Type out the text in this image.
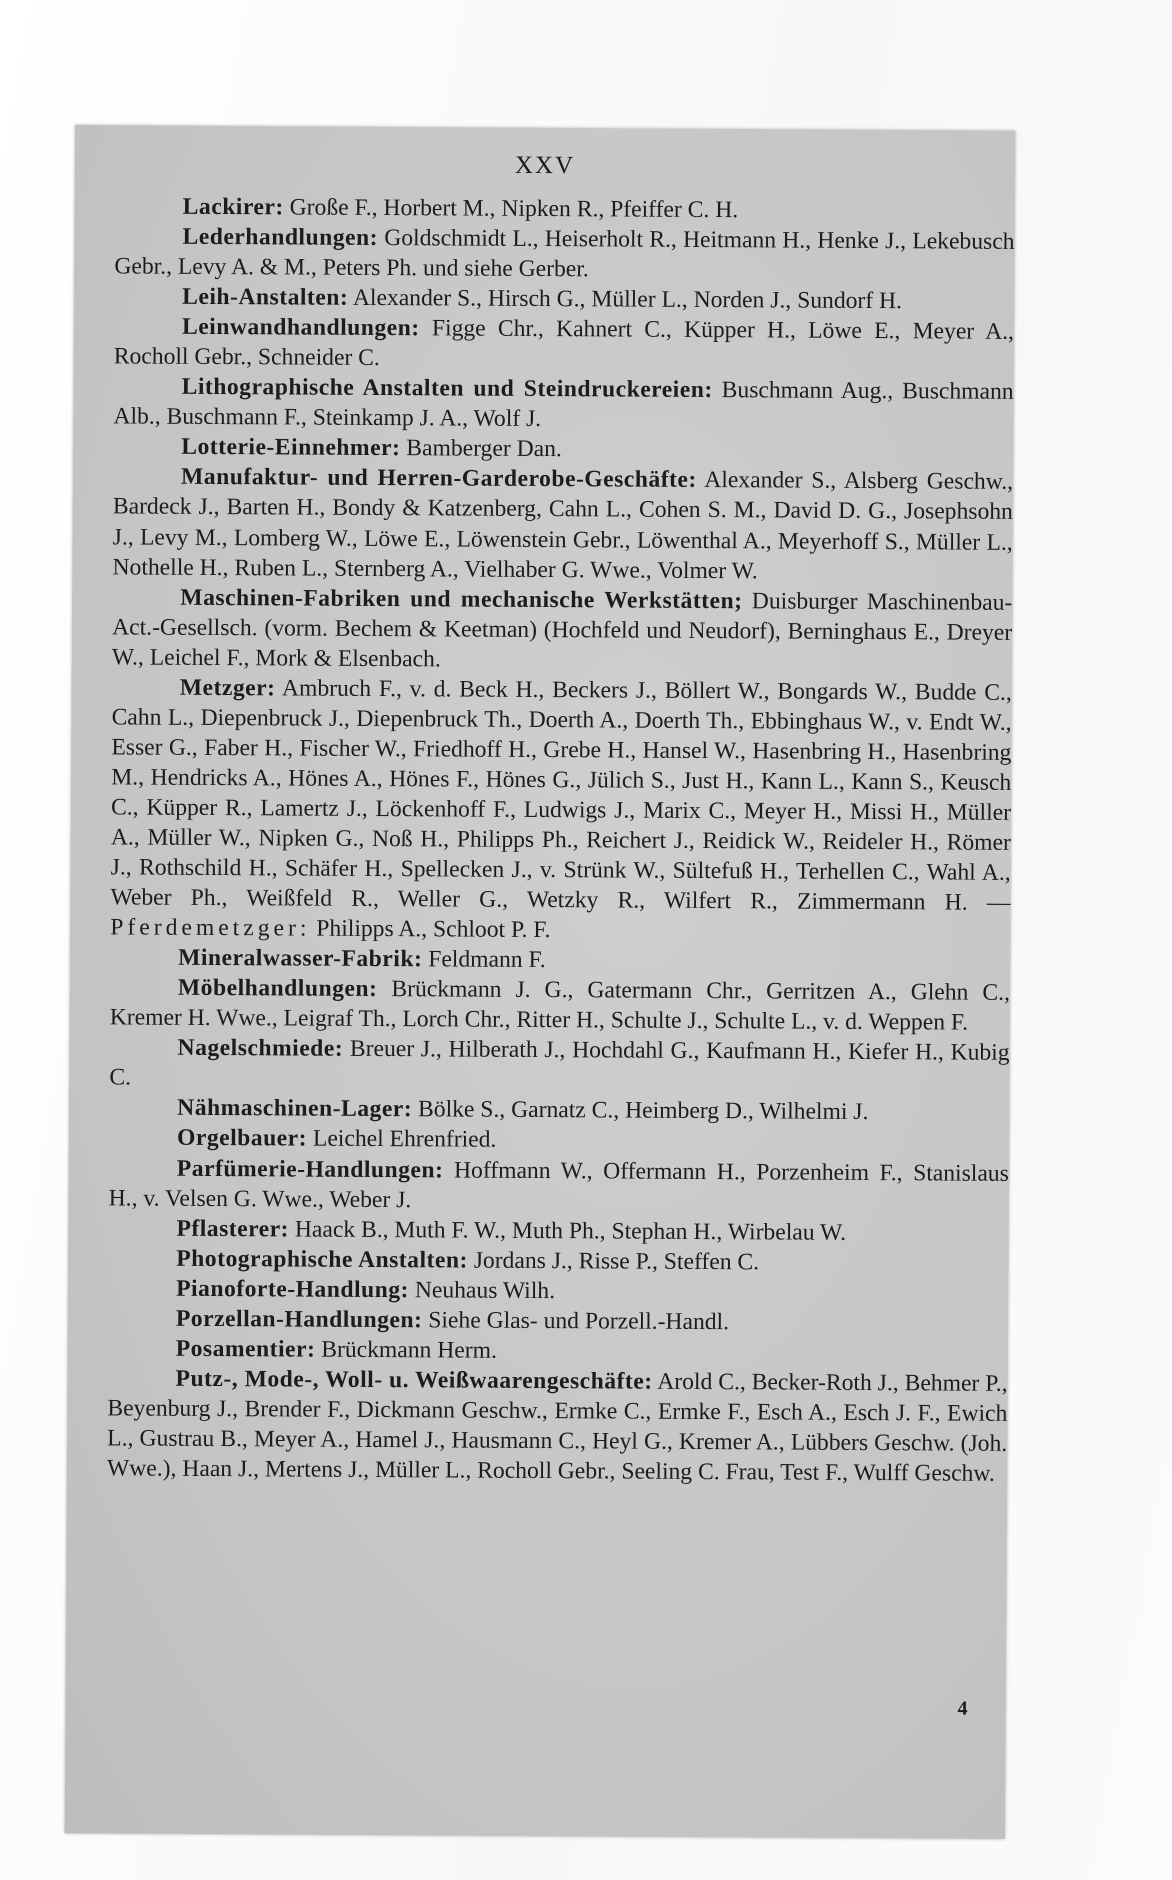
XXV

Lackirer: Große F., Horbert M., Nipken R., Pfeiffer C. H.

Lederhandlungen: Goldschmidt L., Heiserholt R., Heitmann H., Henke J., Lekebusch Gebr., Levy A. & M., Peters Ph. und siehe Gerber.

Leih-Anstalten: Alexander S., Hirsch G., Müller L., Norden J., Sundorf H.

Leinwandhandlungen: Figge Chr., Kahnert C., Küpper H., Löwe E., Meyer A., Rocholl Gebr., Schneider C.

Lithographische Anstalten und Steindruckereien: Buschmann Aug., Buschmann Alb., Buschmann F., Steinkamp J. A., Wolf J.

Lotterie-Einnehmer: Bamberger Dan.

Manufaktur- und Herren-Garderobe-Geschäfte: Alexander S., Alsberg Geschw., Bardeck J., Barten H., Bondy & Katzenberg, Cahn L., Cohen S. M., David D. G., Josephsohn J., Levy M., Lomberg W., Löwe E., Löwenstein Gebr., Löwenthal A., Meyerhoff S., Müller L., Nothelle H., Ruben L., Sternberg A., Vielhaber G. Wwe., Volmer W.

Maschinen-Fabriken und mechanische Werkstätten; Duisburger Maschinenbau-Act.-Gesellsch. (vorm. Bechem & Keetman) (Hochfeld und Neudorf), Berninghaus E., Dreyer W., Leichel F., Mork & Elsenbach.

Metzger: Ambruch F., v. d. Beck H., Beckers J., Böllert W., Bongards W., Budde C., Cahn L., Diepenbruck J., Diepenbruck Th., Doerth A., Doerth Th., Ebbinghaus W., v. Endt W., Esser G., Faber H., Fischer W., Friedhoff H., Grebe H., Hansel W., Hasenbring H., Hasenbring M., Hendricks A., Hönes A., Hönes F., Hönes G., Jülich S., Just H., Kann L., Kann S., Keusch C., Küpper R., Lamertz J., Löckenhoff F., Ludwigs J., Marix C., Meyer H., Missi H., Müller A., Müller W., Nipken G., Noß H., Philipps Ph., Reichert J., Reidick W., Reideler H., Römer J., Rothschild H., Schäfer H., Spellecken J., v. Strünk W., Sültefuß H., Terhellen C., Wahl A., Weber Ph., Weißfeld R., Weller G., Wetzky R., Wilfert R., Zimmermann H. — Pferdemetzger: Philipps A., Schloot P. F.

Mineralwasser-Fabrik: Feldmann F.

Möbelhandlungen: Brückmann J. G., Gatermann Chr., Gerritzen A., Glehn C., Kremer H. Wwe., Leigraf Th., Lorch Chr., Ritter H., Schulte J., Schulte L., v. d. Weppen F.

Nagelschmiede: Breuer J., Hilberath J., Hochdahl G., Kaufmann H., Kiefer H., Kubig C.

Nähmaschinen-Lager: Bölke S., Garnatz C., Heimberg D., Wilhelmi J.

Orgelbauer: Leichel Ehrenfried.

Parfümerie-Handlungen: Hoffmann W., Offermann H., Porzenheim F., Stanislaus H., v. Velsen G. Wwe., Weber J.

Pflasterer: Haack B., Muth F. W., Muth Ph., Stephan H., Wirbelau W.

Photographische Anstalten: Jordans J., Risse P., Steffen C.

Pianoforte-Handlung: Neuhaus Wilh.

Porzellan-Handlungen: Siehe Glas- und Porzell.-Handl.

Posamentier: Brückmann Herm.

Putz-, Mode-, Woll- u. Weißwaarengeschäfte: Arold C., Becker-Roth J., Behmer P., Beyenburg J., Brender F., Dickmann Geschw., Ermke C., Ermke F., Esch A., Esch J. F., Ewich L., Gustrau B., Meyer A., Hamel J., Hausmann C., Heyl G., Kremer A., Lübbers Geschw. (Joh. Wwe.), Haan J., Mertens J., Müller L., Rocholl Gebr., Seeling C. Frau, Test F., Wulff Geschw.

4
